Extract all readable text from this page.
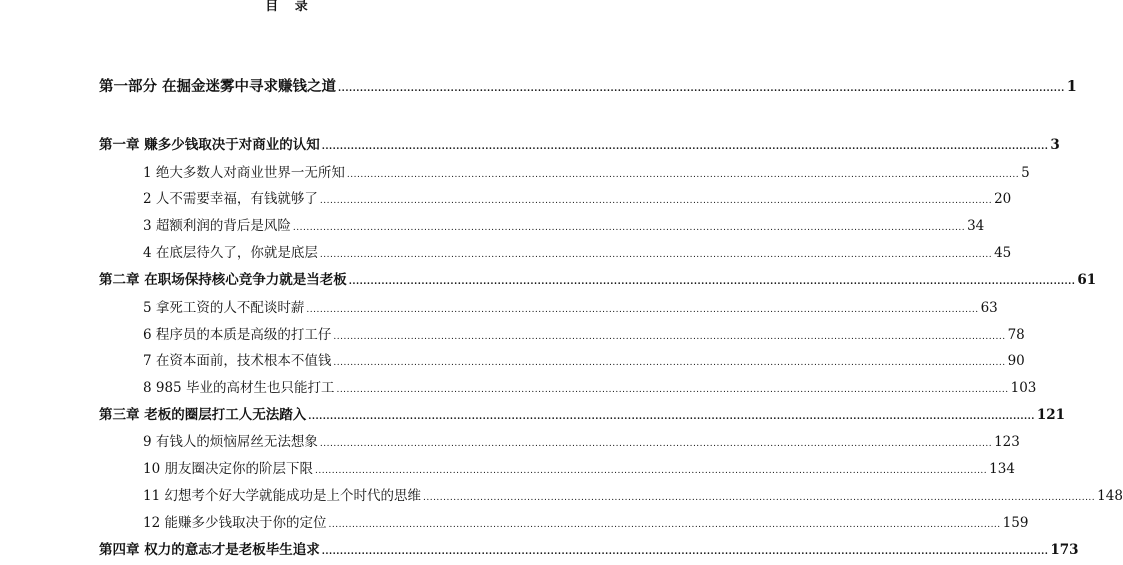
目 录
第一部分 在掘金迷雾中寻求赚钱之道 ........................................................................................................................................................................................................ 1
第一章 赚多少钱取决于对商业的认知 ........................................................................................................................................................................................................ 3
1 绝大多数人对商业世界一无所知 ........................................................................................................................................................................................................ 5
2 人不需要幸福，有钱就够了 ........................................................................................................................................................................................................ 20
3 超额利润的背后是风险 ........................................................................................................................................................................................................ 34
4 在底层待久了，你就是底层 ........................................................................................................................................................................................................ 45
第二章 在职场保持核心竞争力就是当老板 ........................................................................................................................................................................................................ 61
5 拿死工资的人不配谈时薪 ........................................................................................................................................................................................................ 63
6 程序员的本质是高级的打工仔 ........................................................................................................................................................................................................ 78
7 在资本面前，技术根本不值钱 ........................................................................................................................................................................................................ 90
8 985 毕业的高材生也只能打工 ........................................................................................................................................................................................................ 103
第三章 老板的圈层打工人无法踏入 ........................................................................................................................................................................................................ 121
9 有钱人的烦恼屌丝无法想象 ........................................................................................................................................................................................................ 123
10 朋友圈决定你的阶层下限 ........................................................................................................................................................................................................ 134
11 幻想考个好大学就能成功是上个时代的思维 ........................................................................................................................................................................................................ 148
12 能赚多少钱取决于你的定位 ........................................................................................................................................................................................................ 159
第四章 权力的意志才是老板毕生追求 ........................................................................................................................................................................................................ 173
